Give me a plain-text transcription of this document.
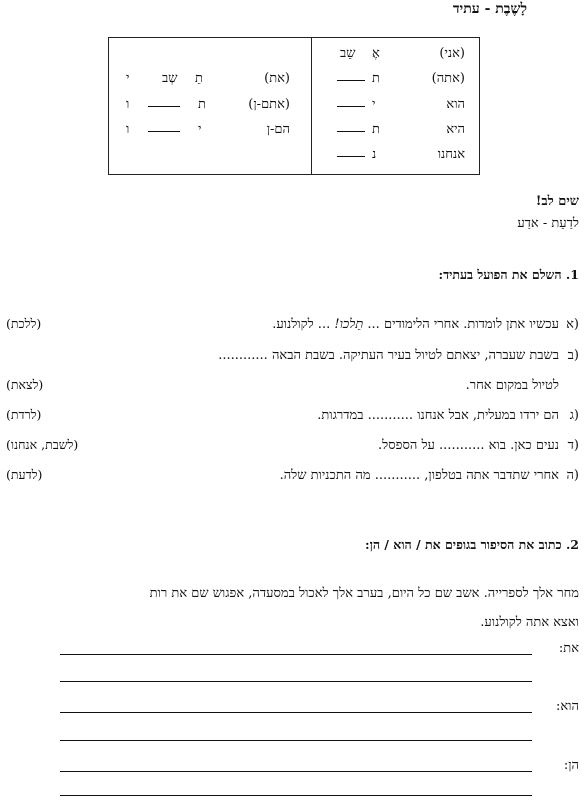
לָשֶבֶת - עתיד
(אני)
אֶ
שֵב
(אתה)
ת
הוא
י
היא
ת
אנחנו
נ
(את)
תֵ
שְב
י
(אתם-ן)
ת
ו
הם-ן
י
ו
שים לב!
לדַעַת - אדַע
1. השלם את הפועל בעתיד:
א)
עכשיו אתן לומדות. אחרי הלימודים ... תֵלכו! ... לקולנוע.
(ללכת)
ב)
בשבת שעברה, יצאתם לטיול בעיר העתיקה. בשבת הבאה ............
לטיול במקום אחר.
(לצאת)
ג)
הם ירדו במעלית, אבל אנחנו ........... במדרגות.
(לרדת)
ד)
נעים כאן. בוא ........... על הספסל.
(לשבת, אנחנו)
ה)
אחרי שתדבר אתה בטלפון, ........... מה התכניות שלה.
(לדעת)
2. כתוב את הסיפור בגופים את / הוא / הן:
מחר אלך לספרייה. אשב שם כל היום, בערב אלך לאכול במסעדה, אפגוש שם את רות
ואצא אתה לקולנוע.
את:
הוא:
הן:
